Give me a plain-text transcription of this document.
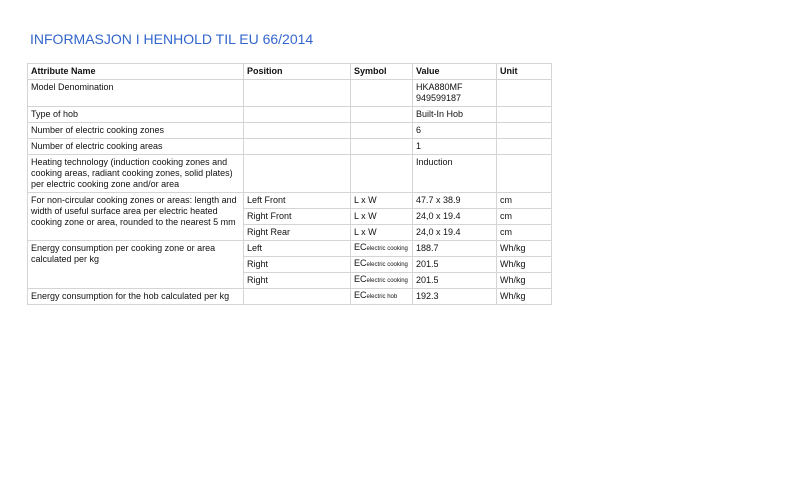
INFORMASJON I HENHOLD TIL EU 66/2014
Attribute Name	Position	Symbol	Value	Unit
Model Denomination			HKA880MF 949599187	
Type of hob			Built-In Hob	
Number of electric cooking zones			6	
Number of electric cooking areas			1	
Heating technology (induction cooking zones and cooking areas, radiant cooking zones, solid plates) per electric cooking zone and/or area			Induction	
For non-circular cooking zones or areas: length and width of useful surface area per electric heated cooking zone or area, rounded to the nearest 5 mm	Left Front	L x W	47.7 x 38.9	cm
	Right Front	L x W	24,0 x 19.4	cm
	Right Rear	L x W	24,0 x 19.4	cm
Energy consumption per cooking zone or area calculated per kg	Left	ECelectric cooking	188.7	Wh/kg
	Right	ECelectric cooking	201.5	Wh/kg
	Right	ECelectric cooking	201.5	Wh/kg
Energy consumption for the hob calculated per kg		ECelectric hob	192.3	Wh/kg
